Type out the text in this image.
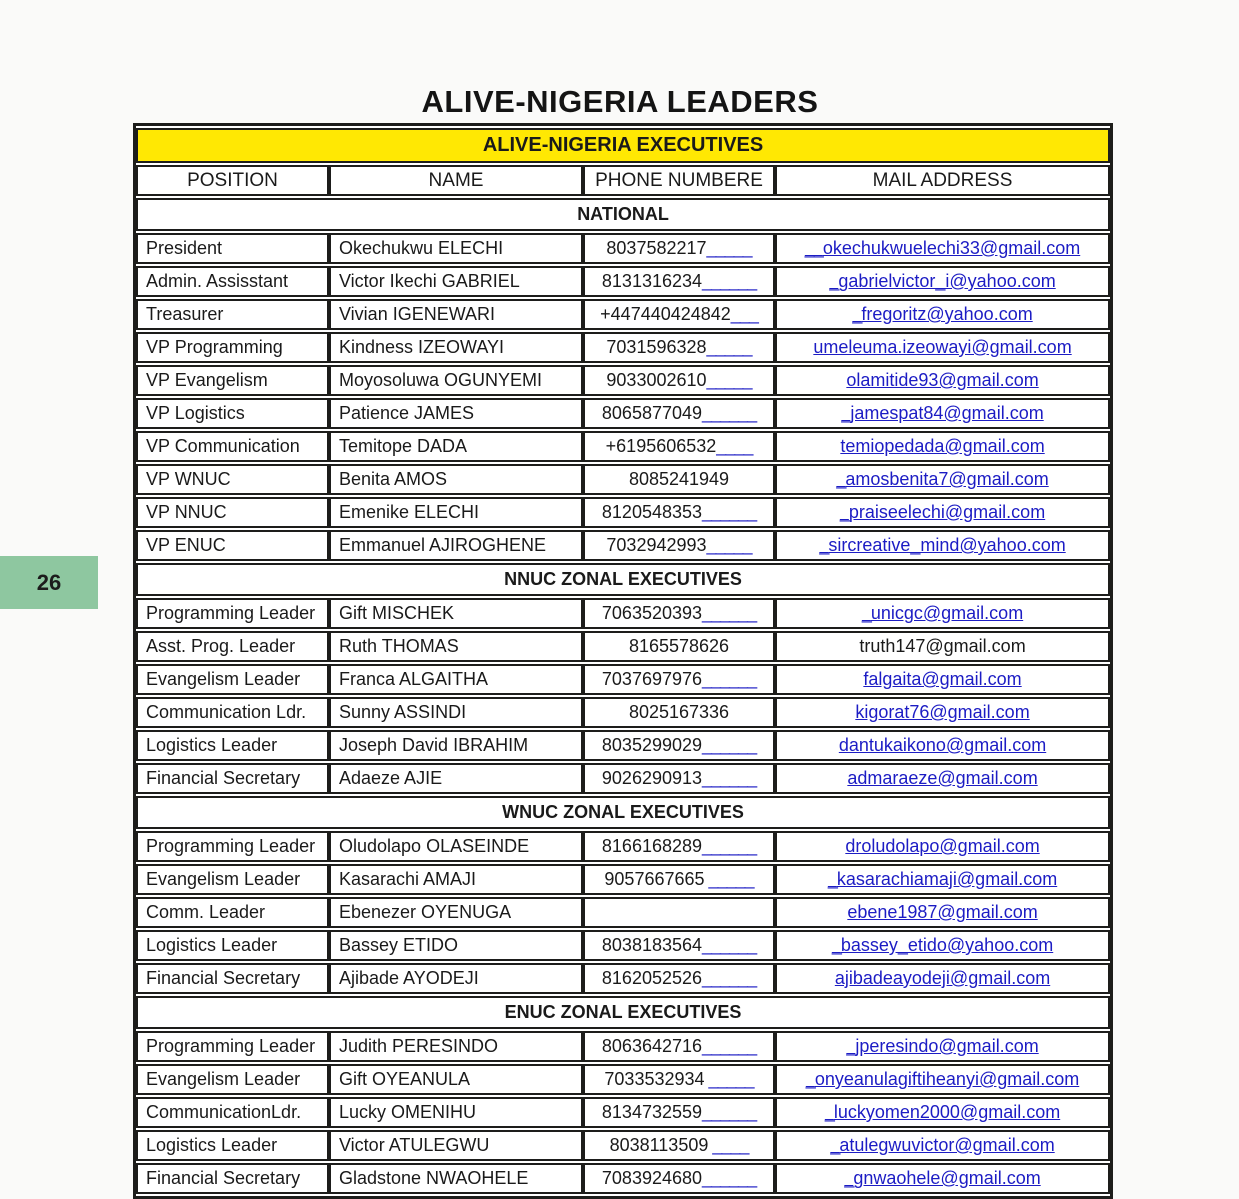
ALIVE-NIGERIA LEADERS
26
ALIVE-NIGERIA EXECUTIVES			
POSITION	NAME	PHONE NUMBERE	MAIL ADDRESS
NATIONAL			
President	Okechukwu ELECHI	8037582217_____	__okechukwuelechi33@gmail.com
Admin. Assisstant	Victor Ikechi GABRIEL	8131316234______	_gabrielvictor_i@yahoo.com
Treasurer	Vivian IGENEWARI	+447440424842___	_fregoritz@yahoo.com
VP Programming	Kindness IZEOWAYI	7031596328_____	umeleuma.izeowayi@gmail.com
VP Evangelism	Moyosoluwa OGUNYEMI	9033002610_____	olamitide93@gmail.com
VP Logistics	Patience JAMES	8065877049______	_jamespat84@gmail.com
VP Communication	Temitope DADA	+6195606532____	temiopedada@gmail.com
VP WNUC	Benita AMOS	8085241949	_amosbenita7@gmail.com
VP NNUC	Emenike ELECHI	8120548353______	_praiseelechi@gmail.com
VP ENUC	Emmanuel AJIROGHENE	7032942993_____	_sircreative_mind@yahoo.com
NNUC ZONAL EXECUTIVES			
Programming Leader	Gift MISCHEK	7063520393______	_unicgc@gmail.com
Asst. Prog. Leader	Ruth THOMAS	8165578626	truth147@gmail.com
Evangelism Leader	Franca ALGAITHA	7037697976______	falgaita@gmail.com
Communication Ldr.	Sunny ASSINDI	8025167336	kigorat76@gmail.com
Logistics Leader	Joseph David IBRAHIM	8035299029______	dantukaikono@gmail.com
Financial Secretary	Adaeze AJIE	9026290913______	admaraeze@gmail.com
WNUC ZONAL EXECUTIVES			
Programming Leader	Oludolapo OLASEINDE	8166168289______	droludolapo@gmail.com
Evangelism Leader	Kasarachi AMAJI	9057667665 _____	_kasarachiamaji@gmail.com
Comm. Leader	Ebenezer OYENUGA		ebene1987@gmail.com
Logistics Leader	Bassey ETIDO	8038183564______	_bassey_etido@yahoo.com
Financial Secretary	Ajibade AYODEJI	8162052526______	ajibadeayodeji@gmail.com
ENUC ZONAL EXECUTIVES			
Programming Leader	Judith PERESINDO	8063642716______	_jperesindo@gmail.com
Evangelism Leader	Gift OYEANULA	7033532934 _____	_onyeanulagiftiheanyi@gmail.com
CommunicationLdr.	Lucky OMENIHU	8134732559______	_luckyomen2000@gmail.com
Logistics Leader	Victor ATULEGWU	8038113509 ____	_atulegwuvictor@gmail.com
Financial Secretary	Gladstone NWAOHELE	7083924680______	_gnwaohele@gmail.com
